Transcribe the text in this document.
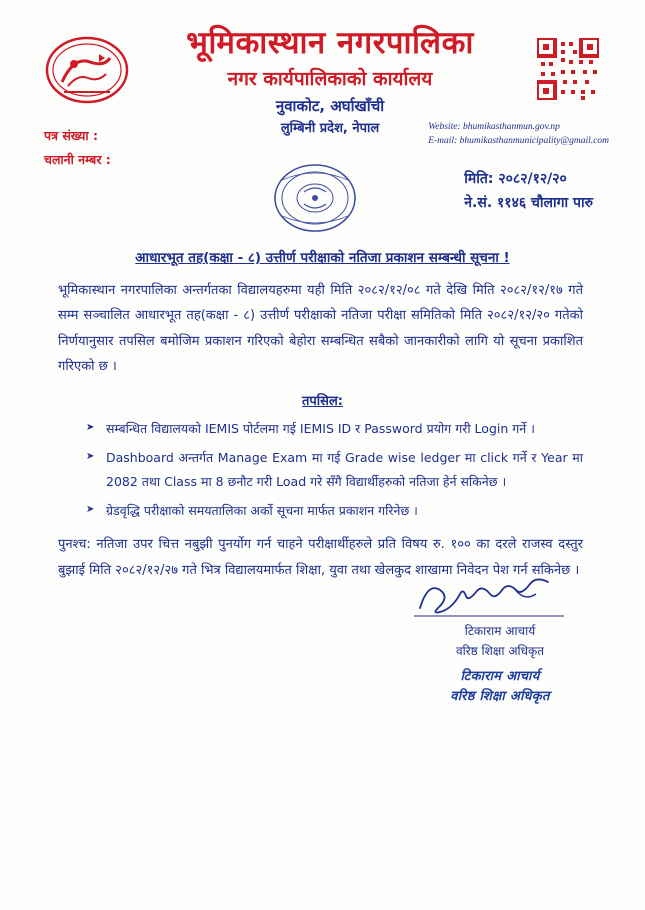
भूमिकास्थान नगरपालिका
नगर कार्यपालिकाको कार्यालय
नुवाकोट, अर्घाखाँची
लुम्बिनी प्रदेश, नेपाल	Website: bhumikasthanmun.gov.np
E-mail: bhumikasthanmunicipality@gmail.com
पत्र संख्या :
चलानी नम्बर :
मिति: २०८२/१२/२०
ने.सं. ११४६ चौलागा पारु
आधारभूत तह(कक्षा - ८) उत्तीर्ण परीक्षाको नतिजा प्रकाशन सम्बन्धी सूचना !
भूमिकास्थान नगरपालिका अन्तर्गतका विद्यालयहरुमा यही मिति २०८२/१२/०८ गते देखि मिति २०८२/१२/१७ गते सम्म सञ्चालित आधारभूत तह(कक्षा - ८) उत्तीर्ण परीक्षाको नतिजा परीक्षा समितिको मिति २०८२/१२/२० गतेको निर्णयानुसार तपसिल बमोजिम प्रकाशन गरिएको बेहोरा सम्बन्धित सबैको जानकारीको लागि यो सूचना प्रकाशित गरिएको छ ।
तपसिल:
➤ सम्बन्धित विद्यालयको IEMIS पोर्टलमा गई IEMIS ID र Password प्रयोग गरी Login गर्ने ।
➤ Dashboard अन्तर्गत Manage Exam मा गई Grade wise ledger मा click गर्ने र Year मा 2082 तथा Class मा 8 छनौट गरी Load गरे सँगै विद्यार्थीहरुको नतिजा हेर्न सकिनेछ ।
➤ ग्रेडवृद्धि परीक्षाको समयतालिका अर्को सूचना मार्फत प्रकाशन गरिनेछ ।
पुनश्च: नतिजा उपर चित्त नबुझी पुनर्योग गर्न चाहने परीक्षार्थीहरुले प्रति विषय रु. १०० का दरले राजस्व दस्तुर बुझाई मिति २०८२/१२/२७ गते भित्र विद्यालयमार्फत शिक्षा, युवा तथा खेलकुद शाखामा निवेदन पेश गर्न सकिनेछ ।
टिकाराम आचार्य
वरिष्ठ शिक्षा अधिकृत
टिकाराम आचार्य
वरिष्ठ शिक्षा अधिकृत
